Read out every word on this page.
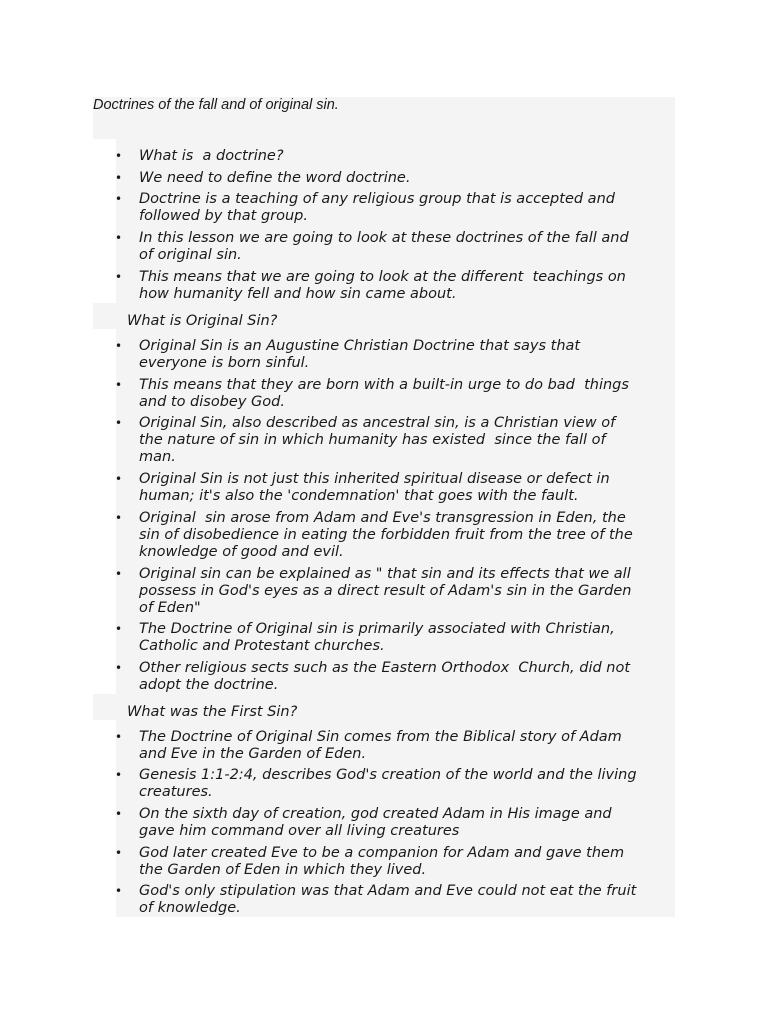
Doctrines of the fall and of original sin.
What is  a doctrine?
We need to define the word doctrine.
Doctrine is a teaching of any religious group that is accepted and
followed by that group.
In this lesson we are going to look at these doctrines of the fall and
of original sin.
This means that we are going to look at the different  teachings on
how humanity fell and how sin came about.
What is Original Sin?
Original Sin is an Augustine Christian Doctrine that says that
everyone is born sinful.
This means that they are born with a built-in urge to do bad  things
and to disobey God.
Original Sin, also described as ancestral sin, is a Christian view of
the nature of sin in which humanity has existed  since the fall of
man.
Original Sin is not just this inherited spiritual disease or defect in
human; it's also the 'condemnation' that goes with the fault.
Original  sin arose from Adam and Eve's transgression in Eden, the
sin of disobedience in eating the forbidden fruit from the tree of the
knowledge of good and evil.
Original sin can be explained as " that sin and its effects that we all
possess in God's eyes as a direct result of Adam's sin in the Garden
of Eden"
The Doctrine of Original sin is primarily associated with Christian,
Catholic and Protestant churches.
Other religious sects such as the Eastern Orthodox  Church, did not
adopt the doctrine.
What was the First Sin?
The Doctrine of Original Sin comes from the Biblical story of Adam
and Eve in the Garden of Eden.
Genesis 1:1-2:4, describes God's creation of the world and the living
creatures.
On the sixth day of creation, god created Adam in His image and
gave him command over all living creatures
God later created Eve to be a companion for Adam and gave them
the Garden of Eden in which they lived.
God's only stipulation was that Adam and Eve could not eat the fruit
of knowledge.
